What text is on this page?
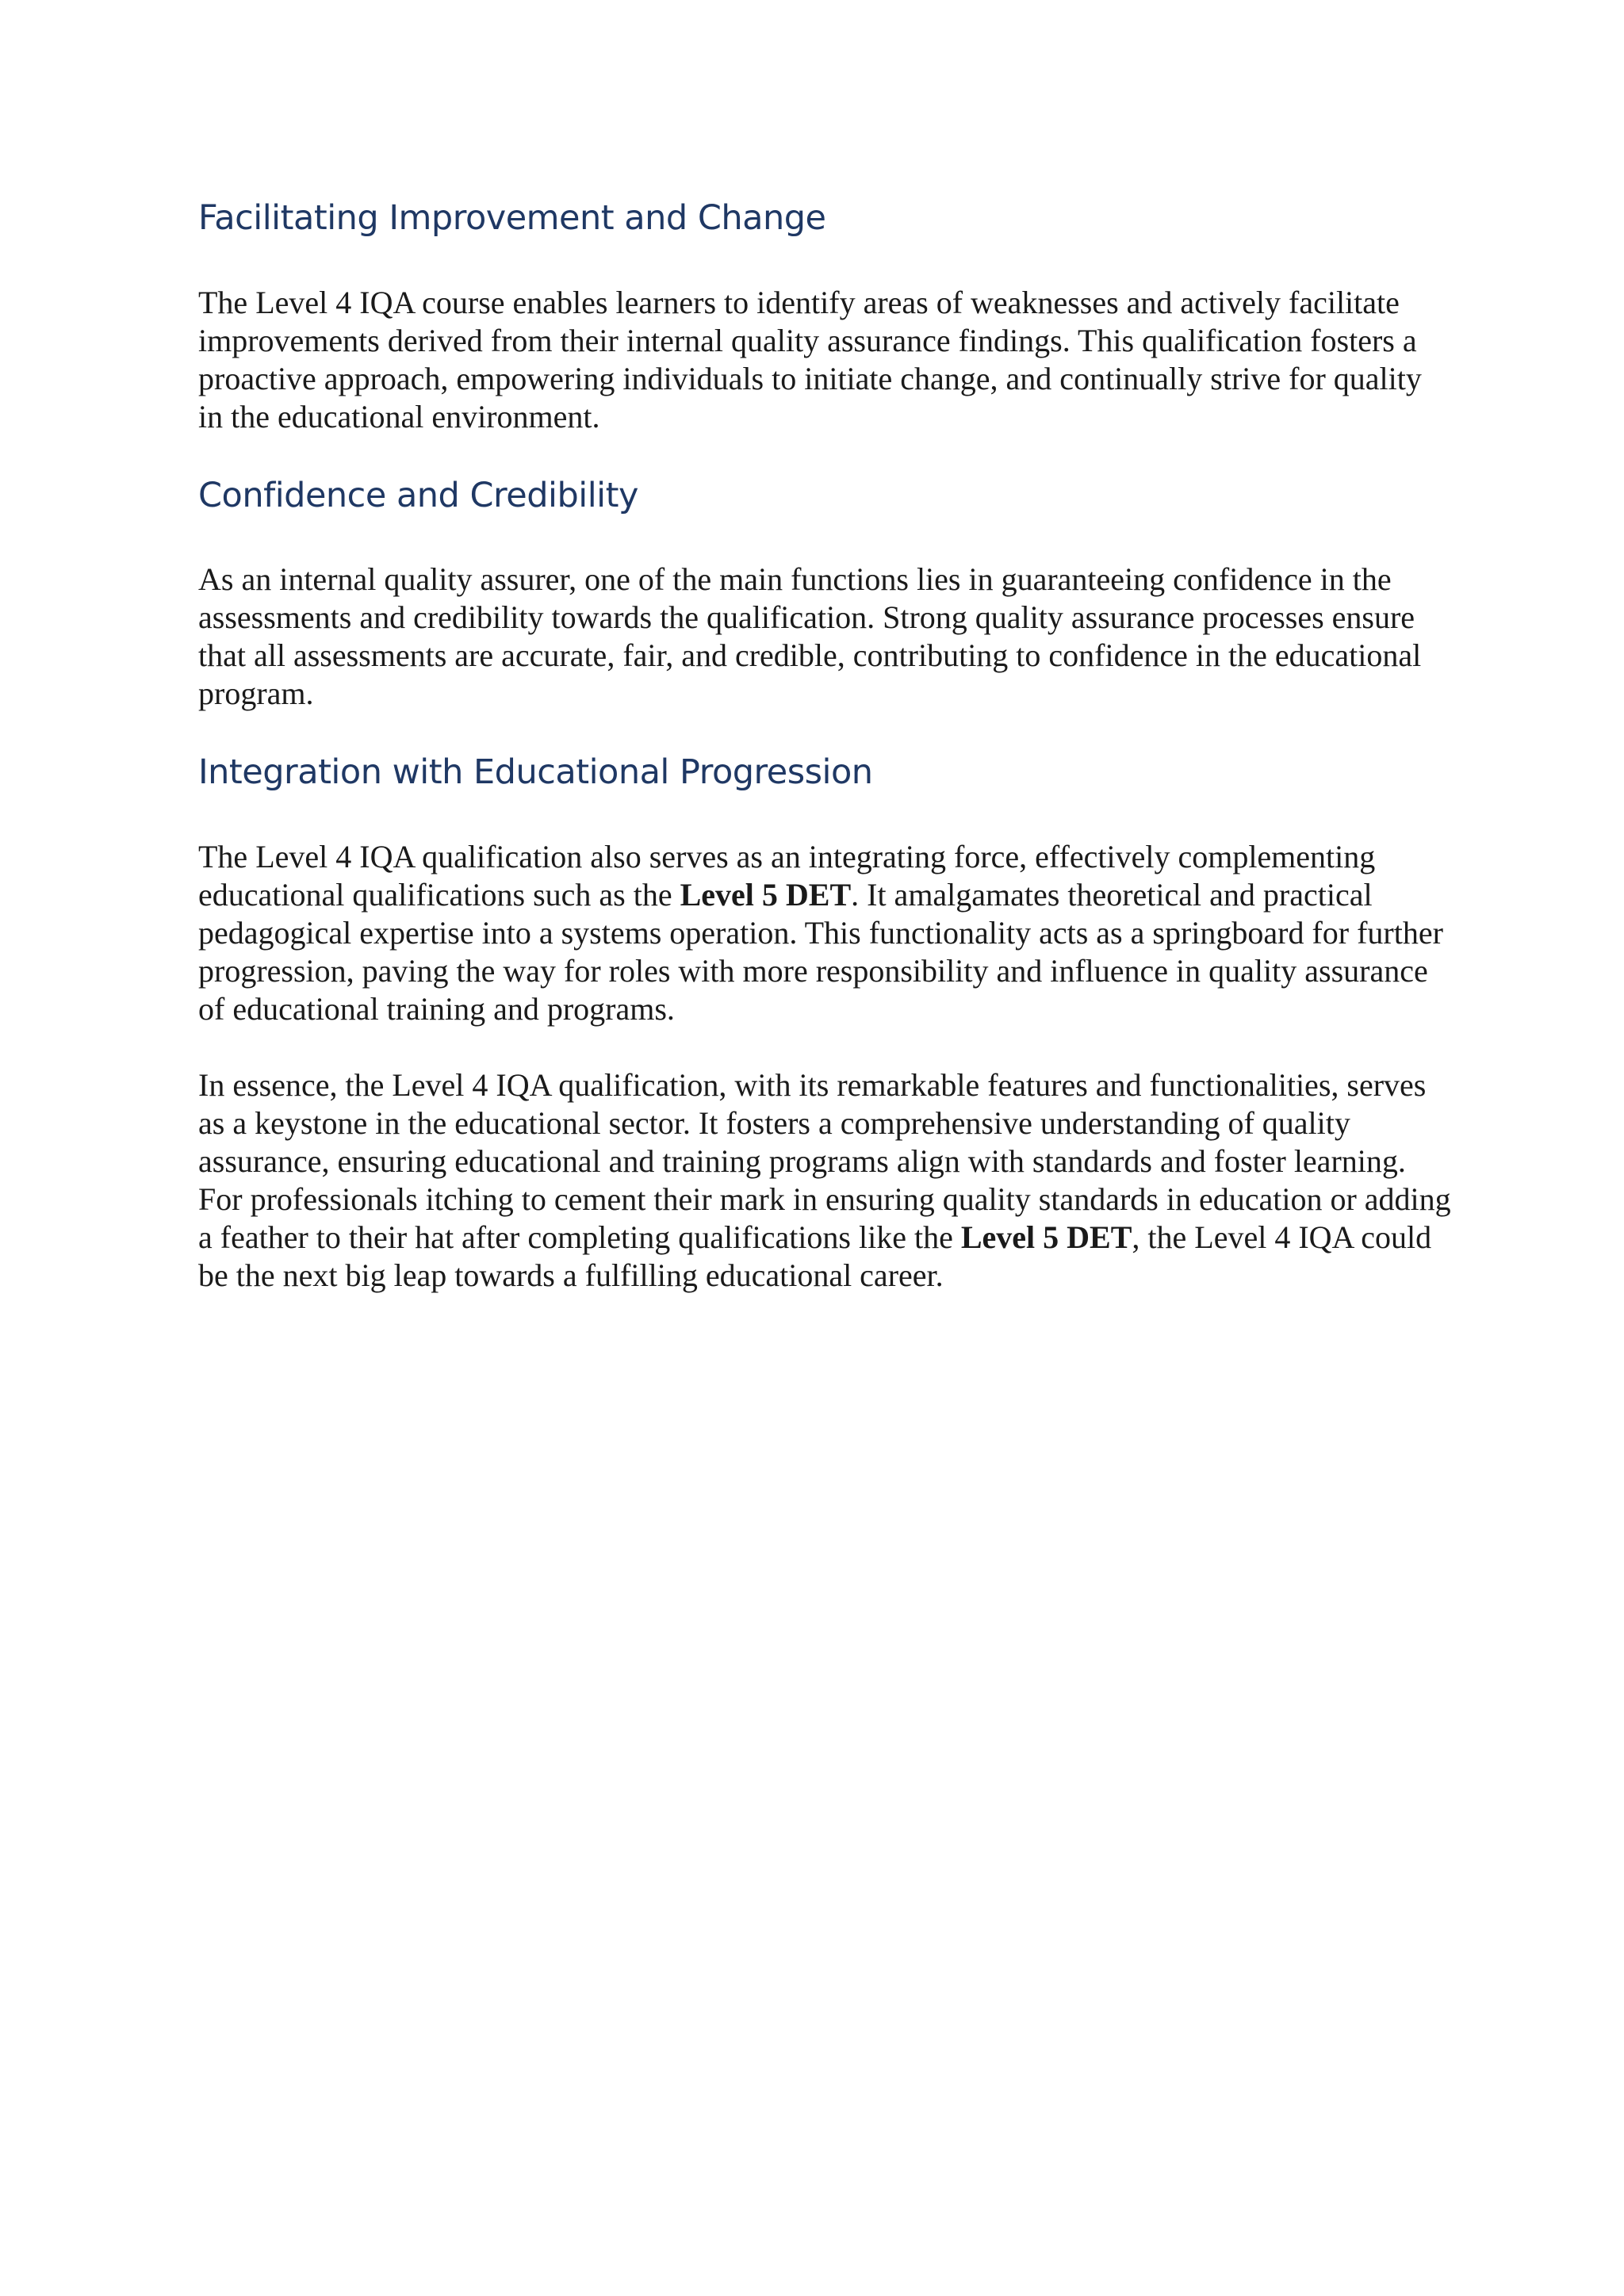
Facilitating Improvement and Change

The Level 4 IQA course enables learners to identify areas of weaknesses and actively facilitate improvements derived from their internal quality assurance findings. This qualification fosters a proactive approach, empowering individuals to initiate change, and continually strive for quality in the educational environment.

Confidence and Credibility

As an internal quality assurer, one of the main functions lies in guaranteeing confidence in the assessments and credibility towards the qualification. Strong quality assurance processes ensure that all assessments are accurate, fair, and credible, contributing to confidence in the educational program.

Integration with Educational Progression

The Level 4 IQA qualification also serves as an integrating force, effectively complementing educational qualifications such as the Level 5 DET. It amalgamates theoretical and practical pedagogical expertise into a systems operation. This functionality acts as a springboard for further progression, paving the way for roles with more responsibility and influence in quality assurance of educational training and programs.

In essence, the Level 4 IQA qualification, with its remarkable features and functionalities, serves as a keystone in the educational sector. It fosters a comprehensive understanding of quality assurance, ensuring educational and training programs align with standards and foster learning. For professionals itching to cement their mark in ensuring quality standards in education or adding a feather to their hat after completing qualifications like the Level 5 DET, the Level 4 IQA could be the next big leap towards a fulfilling educational career.
